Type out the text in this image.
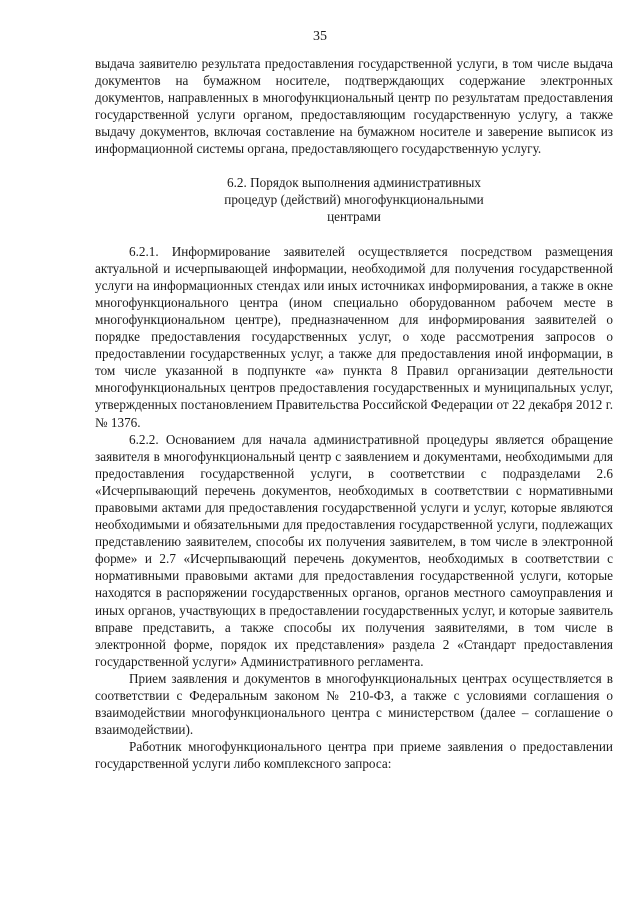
35

выдача заявителю результата предоставления государственной услуги, в том числе выдача документов на бумажном носителе, подтверждающих содержание электронных документов, направленных в многофункциональный центр по результатам предоставления государственной услуги органом, предоставляющим государственную услугу, а также выдачу документов, включая составление на бумажном носителе и заверение выписок из информационной системы органа, предоставляющего государственную услугу.

6.2. Порядок выполнения административных процедур (действий) многофункциональными центрами

6.2.1. Информирование заявителей осуществляется посредством размещения актуальной и исчерпывающей информации, необходимой для получения государственной услуги на информационных стендах или иных источниках информирования, а также в окне многофункционального центра (ином специально оборудованном рабочем месте в многофункциональном центре), предназначенном для информирования заявителей о порядке предоставления государственных услуг, о ходе рассмотрения запросов о предоставлении государственных услуг, а также для предоставления иной информации, в том числе указанной в подпункте «а» пункта 8 Правил организации деятельности многофункциональных центров предоставления государственных и муниципальных услуг, утвержденных постановлением Правительства Российской Федерации от 22 декабря 2012 г. № 1376.

6.2.2. Основанием для начала административной процедуры является обращение заявителя в многофункциональный центр с заявлением и документами, необходимыми для предоставления государственной услуги, в соответствии с подразделами 2.6 «Исчерпывающий перечень документов, необходимых в соответствии с нормативными правовыми актами для предоставления государственной услуги и услуг, которые являются необходимыми и обязательными для предоставления государственной услуги, подлежащих представлению заявителем, способы их получения заявителем, в том числе в электронной форме» и 2.7 «Исчерпывающий перечень документов, необходимых в соответствии с нормативными правовыми актами для предоставления государственной услуги, которые находятся в распоряжении государственных органов, органов местного самоуправления и иных органов, участвующих в предоставлении государственных услуг, и которые заявитель вправе представить, а также способы их получения заявителями, в том числе в электронной форме, порядок их представления» раздела 2 «Стандарт предоставления государственной услуги» Административного регламента.

Прием заявления и документов в многофункциональных центрах осуществляется в соответствии с Федеральным законом № 210-ФЗ, а также с условиями соглашения о взаимодействии многофункционального центра с министерством (далее – соглашение о взаимодействии).

Работник многофункционального центра при приеме заявления о предоставлении государственной услуги либо комплексного запроса:
